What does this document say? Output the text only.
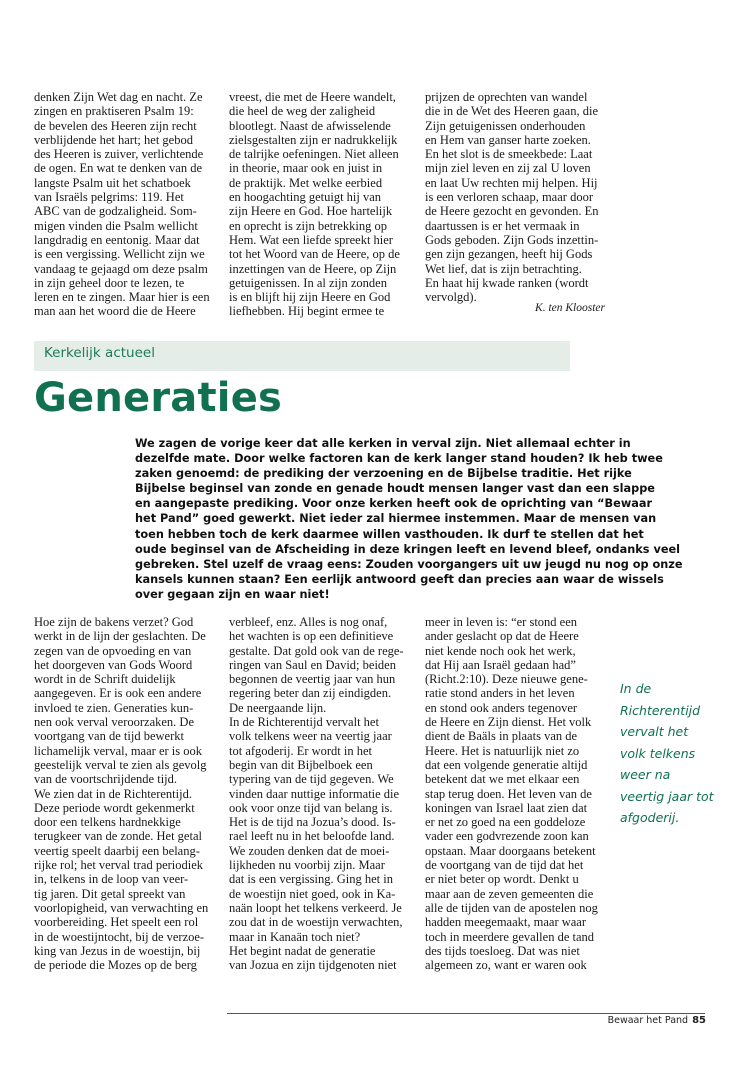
denken Zijn Wet dag en nacht. Ze
zingen en praktiseren Psalm 19:
de bevelen des Heeren zijn recht
verblijdende het hart; het gebod
des Heeren is zuiver, verlichtende
de ogen. En wat te denken van de
langste Psalm uit het schatboek
van Israëls pelgrims: 119. Het
ABC van de godzaligheid. Som-
migen vinden die Psalm wellicht
langdradig en eentonig. Maar dat
is een vergissing. Wellicht zijn we
vandaag te gejaagd om deze psalm
in zijn geheel door te lezen, te
leren en te zingen. Maar hier is een
man aan het woord die de Heere
vreest, die met de Heere wandelt,
die heel de weg der zaligheid
blootlegt. Naast de afwisselende
zielsgestalten zijn er nadrukkelijk
de talrijke oefeningen. Niet alleen
in theorie, maar ook en juist in
de praktijk. Met welke eerbied
en hoogachting getuigt hij van
zijn Heere en God. Hoe hartelijk
en oprecht is zijn betrekking op
Hem. Wat een liefde spreekt hier
tot het Woord van de Heere, op de
inzettingen van de Heere, op Zijn
getuigenissen. In al zijn zonden
is en blijft hij zijn Heere en God
liefhebben. Hij begint ermee te
prijzen de oprechten van wandel
die in de Wet des Heeren gaan, die
Zijn getuigenissen onderhouden
en Hem van ganser harte zoeken.
En het slot is de smeekbede: Laat
mijn ziel leven en zij zal U loven
en laat Uw rechten mij helpen. Hij
is een verloren schaap, maar door
de Heere gezocht en gevonden. En
daartussen is er het vermaak in
Gods geboden. Zijn Gods inzettin-
gen zijn gezangen, heeft hij Gods
Wet lief, dat is zijn betrachting.
En haat hij kwade ranken (wordt
vervolgd).
K. ten Klooster
Kerkelijk actueel
Generaties
We zagen de vorige keer dat alle kerken in verval zijn. Niet allemaal echter in
dezelfde mate. Door welke factoren kan de kerk langer stand houden? Ik heb twee
zaken genoemd: de prediking der verzoening en de Bijbelse traditie. Het rijke
Bijbelse beginsel van zonde en genade houdt mensen langer vast dan een slappe
en aangepaste prediking. Voor onze kerken heeft ook de oprichting van “Bewaar
het Pand” goed gewerkt. Niet ieder zal hiermee instemmen. Maar de mensen van
toen hebben toch de kerk daarmee willen vasthouden. Ik durf te stellen dat het
oude beginsel van de Afscheiding in deze kringen leeft en levend bleef, ondanks veel
gebreken. Stel uzelf de vraag eens: Zouden voorgangers uit uw jeugd nu nog op onze
kansels kunnen staan? Een eerlijk antwoord geeft dan precies aan waar de wissels
over gegaan zijn en waar niet!
Hoe zijn de bakens verzet? God
werkt in de lijn der geslachten. De
zegen van de opvoeding en van
het doorgeven van Gods Woord
wordt in de Schrift duidelijk
aangegeven. Er is ook een andere
invloed te zien. Generaties kun-
nen ook verval veroorzaken. De
voortgang van de tijd bewerkt
lichamelijk verval, maar er is ook
geestelijk verval te zien als gevolg
van de voortschrijdende tijd.
We zien dat in de Richterentijd.
Deze periode wordt gekenmerkt
door een telkens hardnekkige
terugkeer van de zonde. Het getal
veertig speelt daarbij een belang-
rijke rol; het verval trad periodiek
in, telkens in de loop van veer-
tig jaren. Dit getal spreekt van
voorlopigheid, van verwachting en
voorbereiding. Het speelt een rol
in de woestijntocht, bij de verzoe-
king van Jezus in de woestijn, bij
de periode die Mozes op de berg
verbleef, enz. Alles is nog onaf,
het wachten is op een definitieve
gestalte. Dat gold ook van de rege-
ringen van Saul en David; beiden
begonnen de veertig jaar van hun
regering beter dan zij eindigden.
De neergaande lijn.
In de Richterentijd vervalt het
volk telkens weer na veertig jaar
tot afgoderij. Er wordt in het
begin van dit Bijbelboek een
typering van de tijd gegeven. We
vinden daar nuttige informatie die
ook voor onze tijd van belang is.
Het is de tijd na Jozua’s dood. Is-
rael leeft nu in het beloofde land.
We zouden denken dat de moei-
lijkheden nu voorbij zijn. Maar
dat is een vergissing. Ging het in
de woestijn niet goed, ook in Ka-
naän loopt het telkens verkeerd. Je
zou dat in de woestijn verwachten,
maar in Kanaän toch niet?
Het begint nadat de generatie
van Jozua en zijn tijdgenoten niet
meer in leven is: “er stond een
ander geslacht op dat de Heere
niet kende noch ook het werk,
dat Hij aan Israël gedaan had”
(Richt.2:10). Deze nieuwe gene-
ratie stond anders in het leven
en stond ook anders tegenover
de Heere en Zijn dienst. Het volk
dient de Baäls in plaats van de
Heere. Het is natuurlijk niet zo
dat een volgende generatie altijd
betekent dat we met elkaar een
stap terug doen. Het leven van de
koningen van Israel laat zien dat
er net zo goed na een goddeloze
vader een godvrezende zoon kan
opstaan. Maar doorgaans betekent
de voortgang van de tijd dat het
er niet beter op wordt. Denkt u
maar aan de zeven gemeenten die
alle de tijden van de apostelen nog
hadden meegemaakt, maar waar
toch in meerdere gevallen de tand
des tijds toesloeg. Dat was niet
algemeen zo, want er waren ook
In de
Richterentijd
vervalt het
volk telkens
weer na
veertig jaar tot
afgoderij.
Bewaar het Pand 85
